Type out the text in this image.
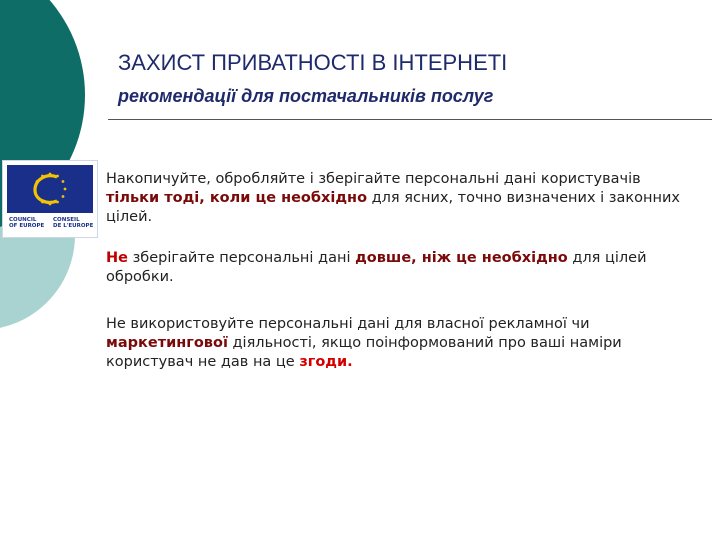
ЗАХИСТ ПРИВАТНОСТІ В ІНТЕРНЕТІ
рекомендації для постачальників послуг
COUNCIL
OF EUROPE
CONSEIL
DE L'EUROPE
Накопичуйте, обробляйте і зберігайте персональні дані користувачів тільки тоді, коли це необхідно для ясних, точно визначених і законних цілей.
Не зберігайте персональні дані довше, ніж це необхідно для цілей обробки.
Не використовуйте персональні дані для власної рекламної чи маркетингової діяльності, якщо поінформований про ваші наміри користувач не дав на це згоди.
